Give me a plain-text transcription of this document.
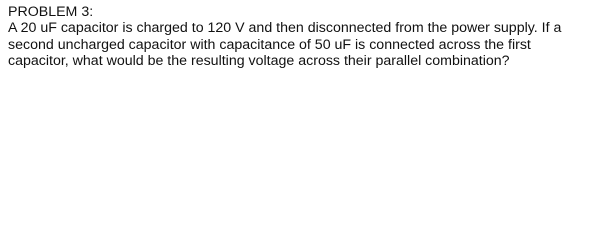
PROBLEM 3:
A 20 uF capacitor is charged to 120 V and then disconnected from the power supply. If a
second uncharged capacitor with capacitance of 50 uF is connected across the first
capacitor, what would be the resulting voltage across their parallel combination?
